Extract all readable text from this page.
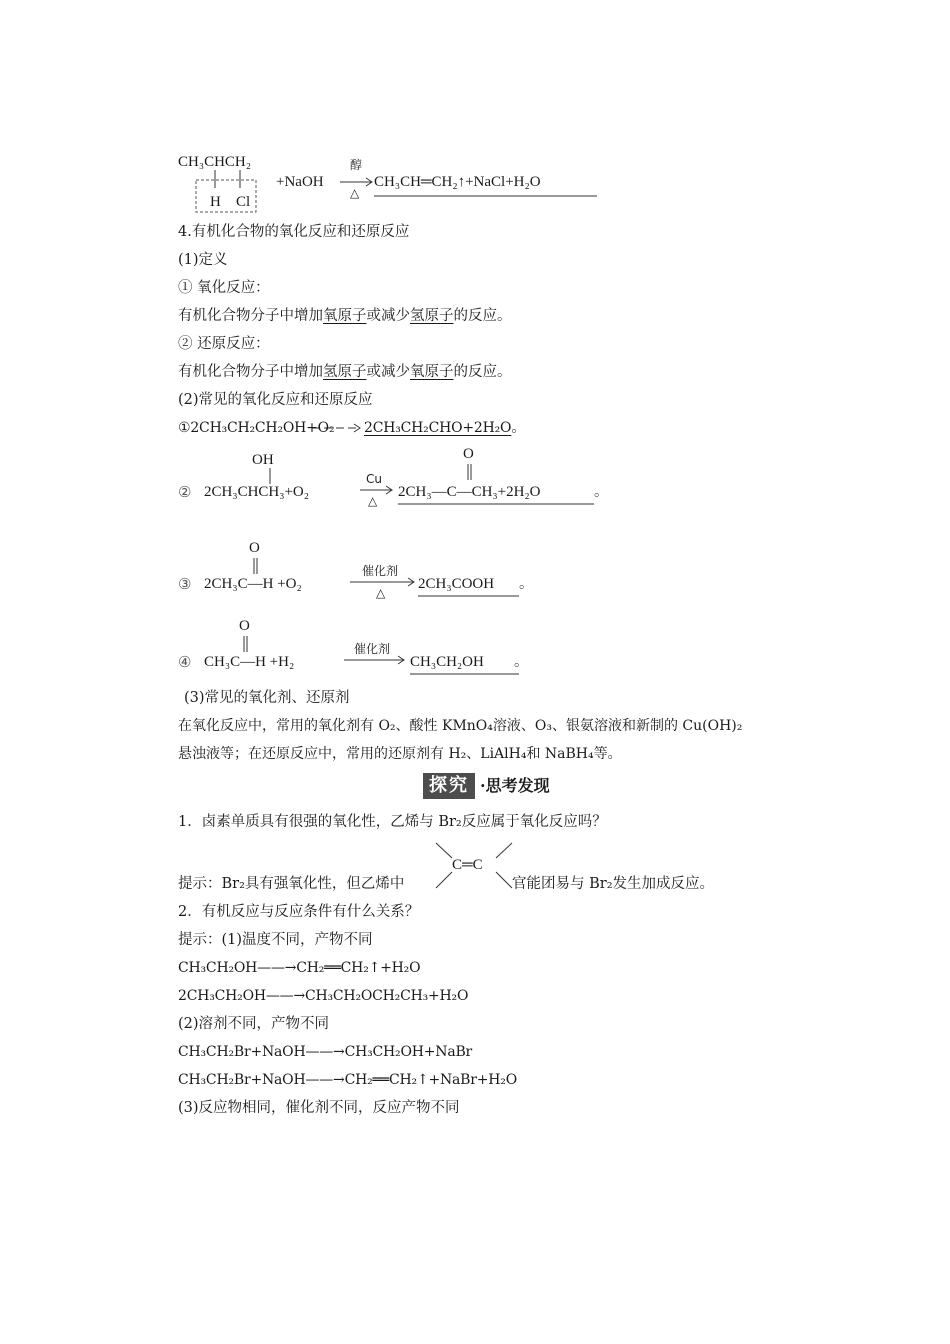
CH₃CHCH₂
H Cl
+NaOH
醇
△
CH₃CH═CH₂↑+NaCl+H₂O
4.有机化合物的氧化反应和还原反应
(1)定义
① 氧化反应：
有机化合物分子中增加氧原子或减少氢原子的反应。
② 还原反应：
有机化合物分子中增加氢原子或减少氧原子的反应。
(2)常见的氧化反应和还原反应
①2CH₃CH₂CH₂OH+O₂ 2CH₃CH₂CHO+2H₂O。
OH
② 2CH₃CHCH₃+O₂
Cu
△
O
2CH₃—C—CH₃+2H₂O	。
O
③ 2CH₃C—H +O₂
催化剂
△
2CH₃COOH 。
O
④ CH₃C—H +H₂
催化剂
CH₃CH₂OH 。
(3)常见的氧化剂、还原剂
在氧化反应中，常用的氧化剂有 O₂、酸性 KMnO₄溶液、O₃、银氨溶液和新制的 Cu(OH)₂
悬浊液等；在还原反应中，常用的还原剂有 H₂、LiAlH₄和 NaBH₄等。
探究 ·思考发现
1．卤素单质具有很强的氧化性，乙烯与 Br₂反应属于氧化反应吗？
提示：Br₂具有强氧化性，但乙烯中
C═C
官能团易与 Br₂发生加成反应。
2．有机反应与反应条件有什么关系？
提示：(1)温度不同，产物不同
CH₃CH₂OH——→CH₂══CH₂↑+H₂O
2CH₃CH₂OH——→CH₃CH₂OCH₂CH₃+H₂O
(2)溶剂不同，产物不同
CH₃CH₂Br+NaOH——→CH₃CH₂OH+NaBr
CH₃CH₂Br+NaOH——→CH₂══CH₂↑+NaBr+H₂O
(3)反应物相同，催化剂不同，反应产物不同
